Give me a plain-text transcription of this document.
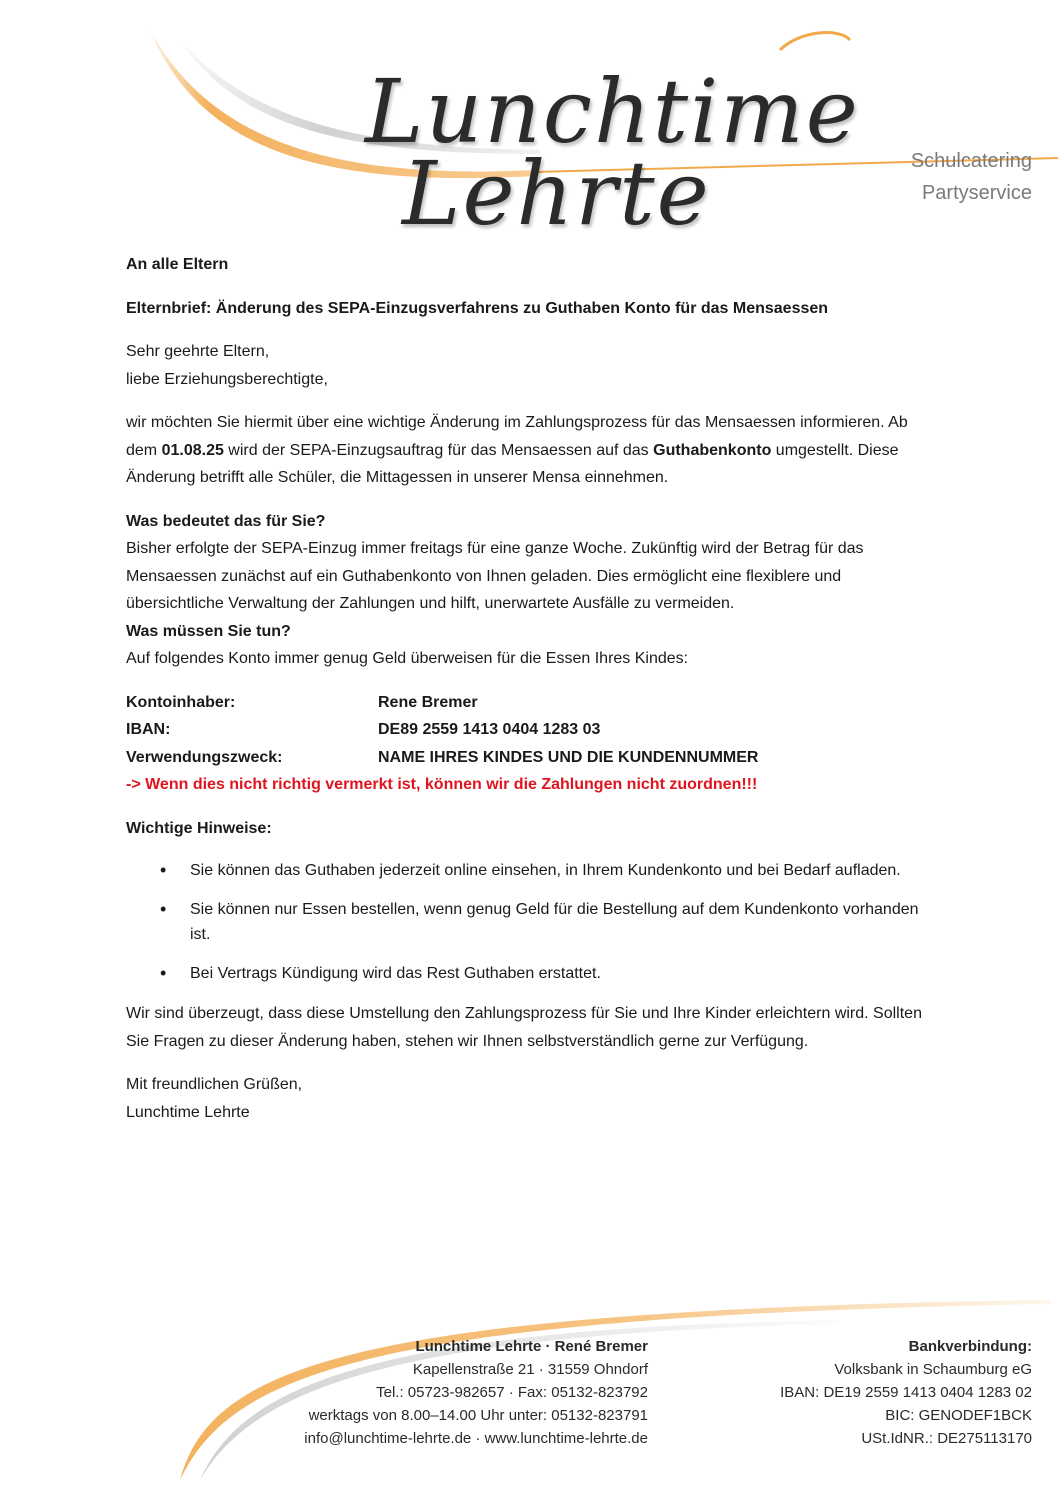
Lunchtime
Lehrte	Schulcatering
Partyservice

An alle Eltern

Elternbrief: Änderung des SEPA-Einzugsverfahrens zu Guthaben Konto für das Mensaessen

Sehr geehrte Eltern,

liebe Erziehungsberechtigte,

wir möchten Sie hiermit über eine wichtige Änderung im Zahlungsprozess für das Mensaessen informieren. Ab dem 01.08.25 wird der SEPA-Einzugsauftrag für das Mensaessen auf das Guthabenkonto umgestellt. Diese Änderung betrifft alle Schüler, die Mittagessen in unserer Mensa einnehmen.

Was bedeutet das für Sie?

Bisher erfolgte der SEPA-Einzug immer freitags für eine ganze Woche. Zukünftig wird der Betrag für das Mensaessen zunächst auf ein Guthabenkonto von Ihnen geladen. Dies ermöglicht eine flexiblere und übersichtliche Verwaltung der Zahlungen und hilft, unerwartete Ausfälle zu vermeiden.

Was müssen Sie tun?

Auf folgendes Konto immer genug Geld überweisen für die Essen Ihres Kindes:

Kontoinhaber:	Rene Bremer
IBAN:	DE89 2559 1413 0404 1283 03
Verwendungszweck:	NAME IHRES KINDES UND DIE KUNDENNUMMER

-> Wenn dies nicht richtig vermerkt ist, können wir die Zahlungen nicht zuordnen!!!

Wichtige Hinweise:

• Sie können das Guthaben jederzeit online einsehen, in Ihrem Kundenkonto und bei Bedarf aufladen.
• Sie können nur Essen bestellen, wenn genug Geld für die Bestellung auf dem Kundenkonto vorhanden ist.
• Bei Vertrags Kündigung wird das Rest Guthaben erstattet.

Wir sind überzeugt, dass diese Umstellung den Zahlungsprozess für Sie und Ihre Kinder erleichtern wird. Sollten Sie Fragen zu dieser Änderung haben, stehen wir Ihnen selbstverständlich gerne zur Verfügung.

Mit freundlichen Grüßen,

Lunchtime Lehrte

Lunchtime Lehrte · René Bremer
Kapellenstraße 21 · 31559 Ohndorf
Tel.: 05723-982657 · Fax: 05132-823792
werktags von 8.00–14.00 Uhr unter: 05132-823791
info@lunchtime-lehrte.de · www.lunchtime-lehrte.de
Bankverbindung:
Volksbank in Schaumburg eG
IBAN: DE19 2559 1413 0404 1283 02
BIC: GENODEF1BCK
USt.IdNR.: DE275113170
